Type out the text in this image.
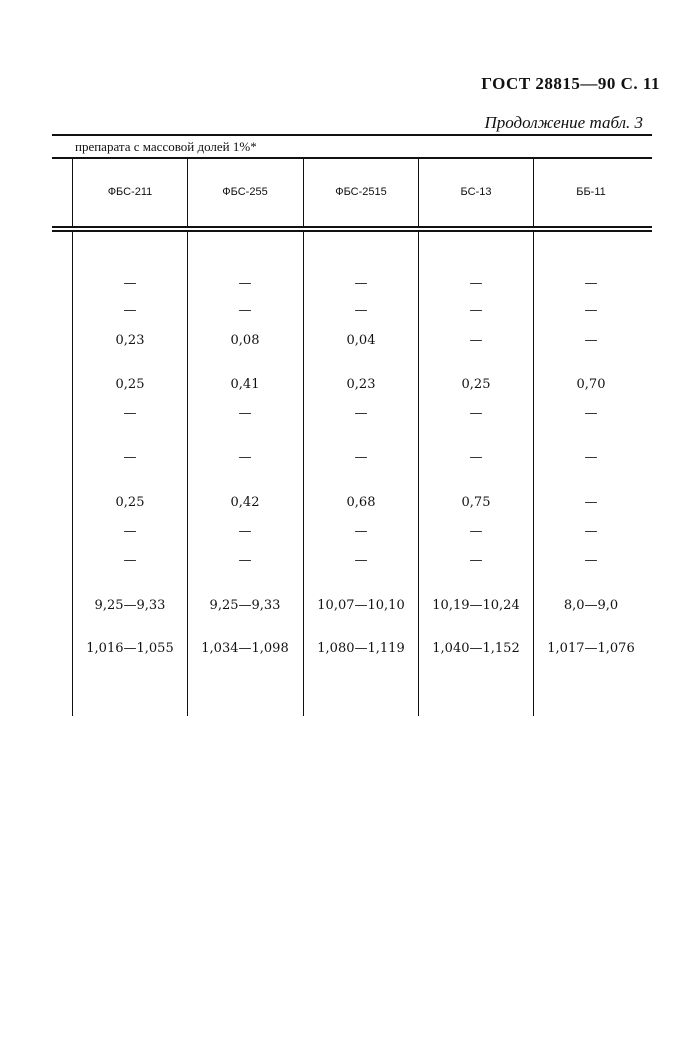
ГОСТ 28815—90 С. 11
Продолжение табл. 3
препарата с массовой долей 1%*
ФБС-211	ФБС-255	ФБС-2515	БС-13	ББ-11
—	—	—	—	—
—	—	—	—	—
0,23	0,08	0,04	—	—
0,25	0,41	0,23	0,25	0,70
—	—	—	—	—
—	—	—	—	—
0,25	0,42	0,68	0,75	—
—	—	—	—	—
—	—	—	—	—
9,25—9,33	9,25—9,33	10,07—10,10	10,19—10,24	8,0—9,0
1,016—1,055	1,034—1,098	1,080—1,119	1,040—1,152	1,017—1,076
